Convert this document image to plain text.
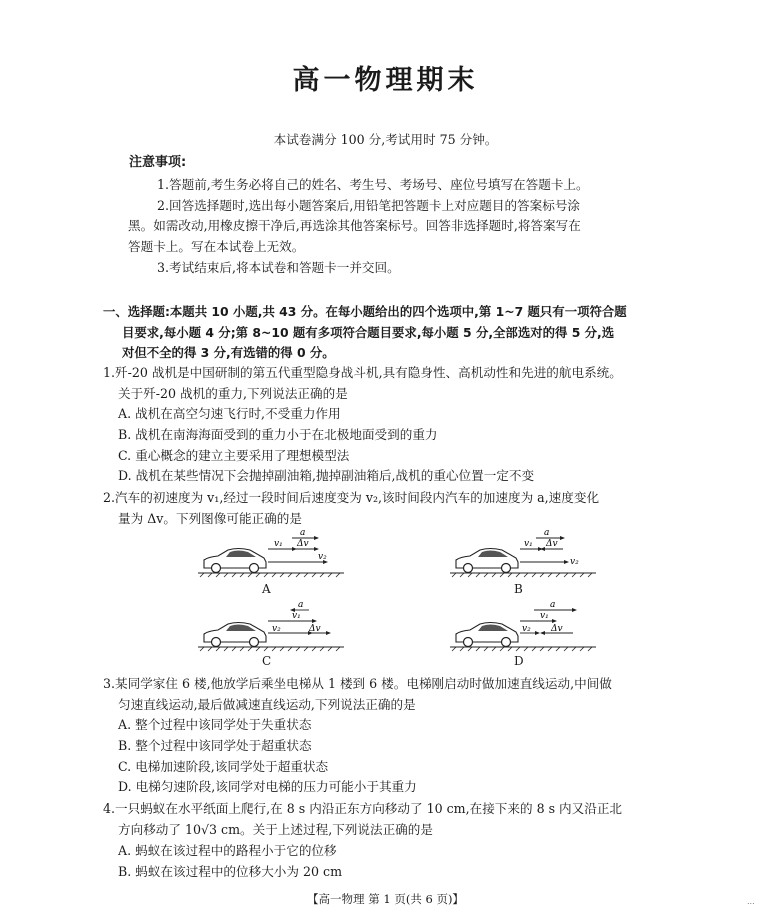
高一物理期末
本试卷满分 100 分,考试用时 75 分钟。
注意事项:
1.答题前,考生务必将自己的姓名、考生号、考场号、座位号填写在答题卡上。
2.回答选择题时,选出每小题答案后,用铅笔把答题卡上对应题目的答案标号涂
黑。如需改动,用橡皮擦干净后,再选涂其他答案标号。回答非选择题时,将答案写在
答题卡上。写在本试卷上无效。
3.考试结束后,将本试卷和答题卡一并交回。
一、选择题:本题共 10 小题,共 43 分。在每小题给出的四个选项中,第 1~7 题只有一项符合题
目要求,每小题 4 分;第 8~10 题有多项符合题目要求,每小题 5 分,全部选对的得 5 分,选
对但不全的得 3 分,有选错的得 0 分。
1.歼-20 战机是中国研制的第五代重型隐身战斗机,具有隐身性、高机动性和先进的航电系统。
关于歼-20 战机的重力,下列说法正确的是
A. 战机在高空匀速飞行时,不受重力作用
B. 战机在南海海面受到的重力小于在北极地面受到的重力
C. 重心概念的建立主要采用了理想模型法
D. 战机在某些情况下会抛掉副油箱,抛掉副油箱后,战机的重心位置一定不变
2.汽车的初速度为 v₁,经过一段时间后速度变为 v₂,该时间段内汽车的加速度为 a,速度变化
量为 Δv。下列图像可能正确的是
a
v₁ Δv
v₂
A
a
v₁ Δv
v₂
B
a
v₁
v₂	Δv
C
a
v₁
v₂ Δv
D
3.某同学家住 6 楼,他放学后乘坐电梯从 1 楼到 6 楼。电梯刚启动时做加速直线运动,中间做
匀速直线运动,最后做减速直线运动,下列说法正确的是
A. 整个过程中该同学处于失重状态
B. 整个过程中该同学处于超重状态
C. 电梯加速阶段,该同学处于超重状态
D. 电梯匀速阶段,该同学对电梯的压力可能小于其重力
4.一只蚂蚁在水平纸面上爬行,在 8 s 内沿正东方向移动了 10 cm,在接下来的 8 s 内又沿正北
方向移动了 10√3 cm。关于上述过程,下列说法正确的是
A. 蚂蚁在该过程中的路程小于它的位移
B. 蚂蚁在该过程中的位移大小为 20 cm
【高一物理 第 1 页(共 6 页)】	...
